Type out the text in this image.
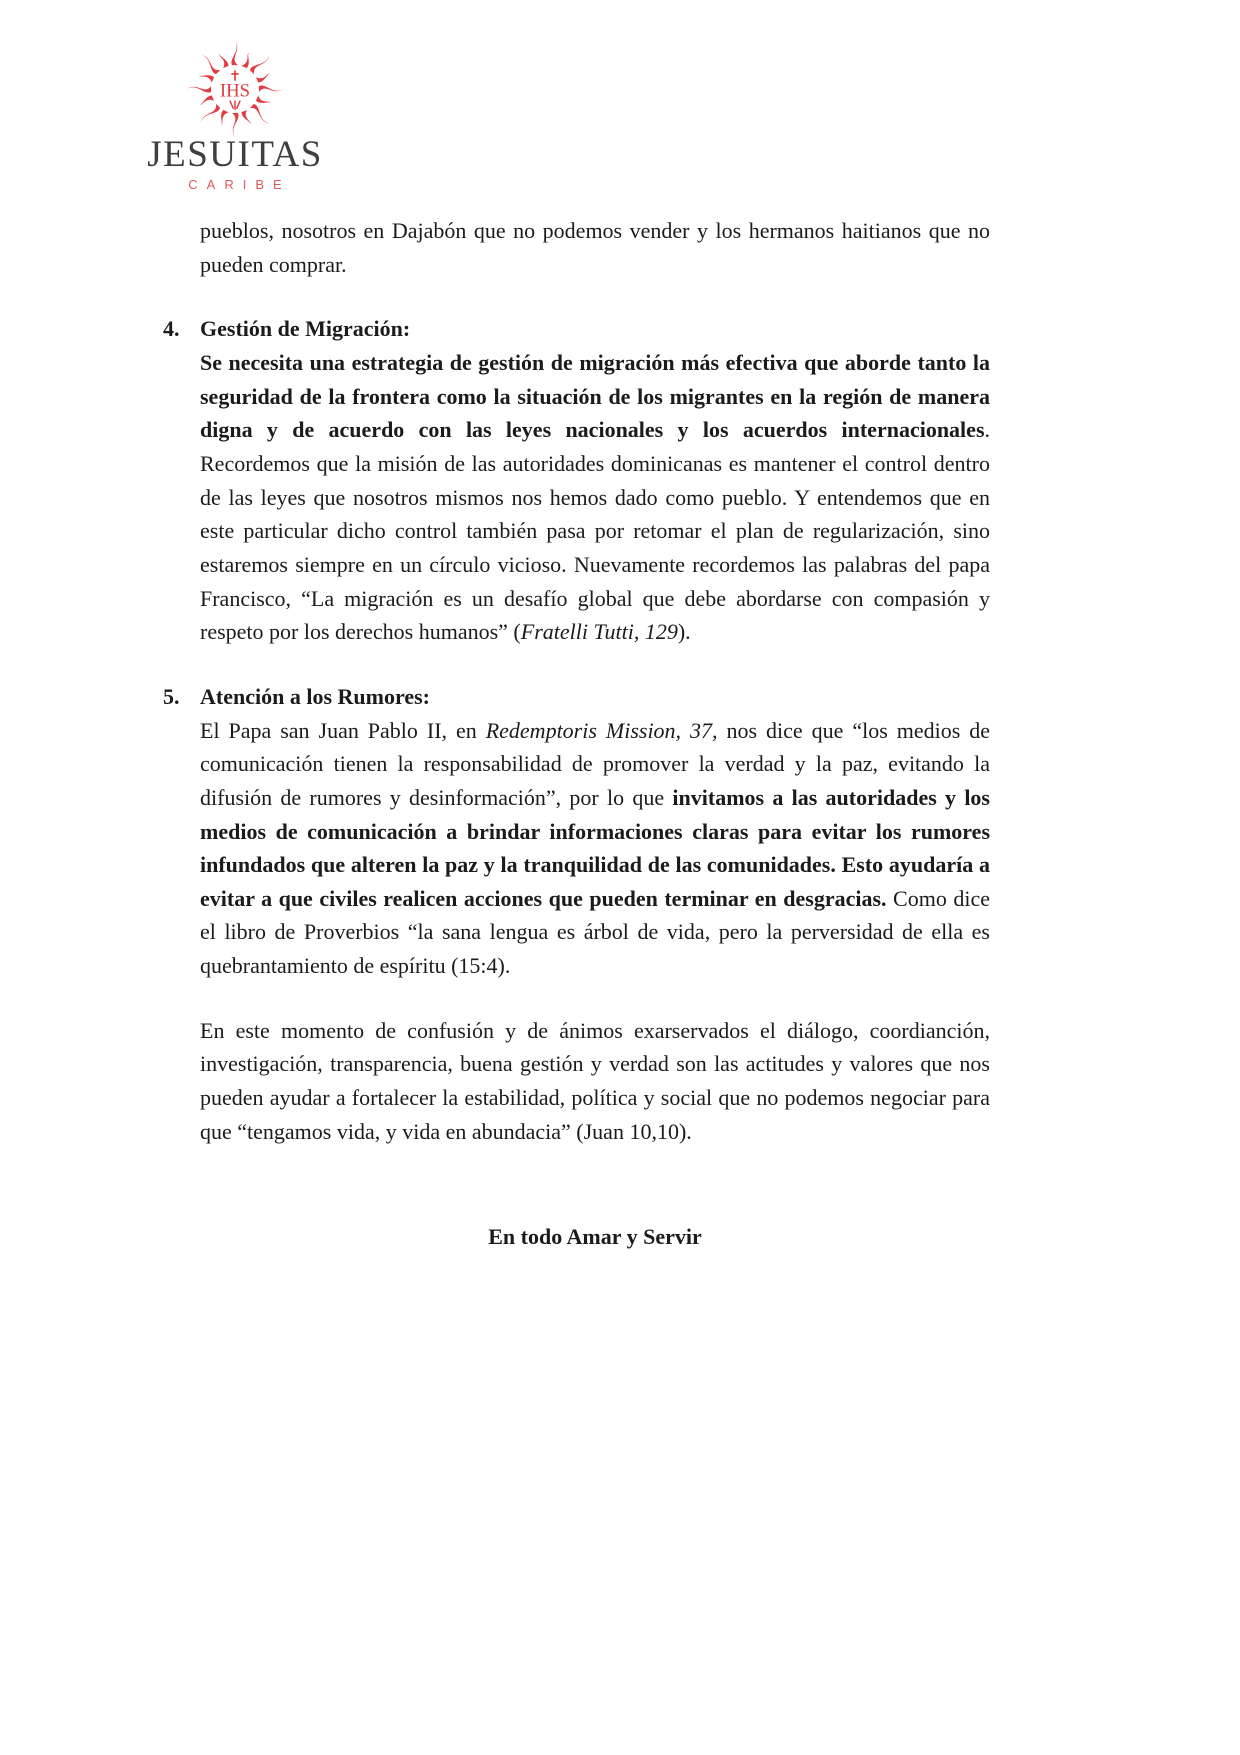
IHS
JESUITAS
CARIBE

pueblos, nosotros en Dajabón que no podemos vender y los hermanos haitianos que no pueden comprar.

4. Gestión de Migración:

Se necesita una estrategia de gestión de migración más efectiva que aborde tanto la seguridad de la frontera como la situación de los migrantes en la región de manera digna y de acuerdo con las leyes nacionales y los acuerdos internacionales. Recordemos que la misión de las autoridades dominicanas es mantener el control dentro de las leyes que nosotros mismos nos hemos dado como pueblo. Y entendemos que en este particular dicho control también pasa por retomar el plan de regularización, sino estaremos siempre en un círculo vicioso. Nuevamente recordemos las palabras del papa Francisco, “La migración es un desafío global que debe abordarse con compasión y respeto por los derechos humanos” (Fratelli Tutti, 129).

5. Atención a los Rumores:

El Papa san Juan Pablo II, en Redemptoris Mission, 37, nos dice que “los medios de comunicación tienen la responsabilidad de promover la verdad y la paz, evitando la difusión de rumores y desinformación”, por lo que invitamos a las autoridades y los medios de comunicación a brindar informaciones claras para evitar los rumores infundados que alteren la paz y la tranquilidad de las comunidades. Esto ayudaría a evitar a que civiles realicen acciones que pueden terminar en desgracias. Como dice el libro de Proverbios “la sana lengua es árbol de vida, pero la perversidad de ella es quebrantamiento de espíritu (15:4).

En este momento de confusión y de ánimos exarservados el diálogo, coordianción, investigación, transparencia, buena gestión y verdad son las actitudes y valores que nos pueden ayudar a fortalecer la estabilidad, política y social que no podemos negociar para que “tengamos vida, y vida en abundacia” (Juan 10,10).

En todo Amar y Servir
